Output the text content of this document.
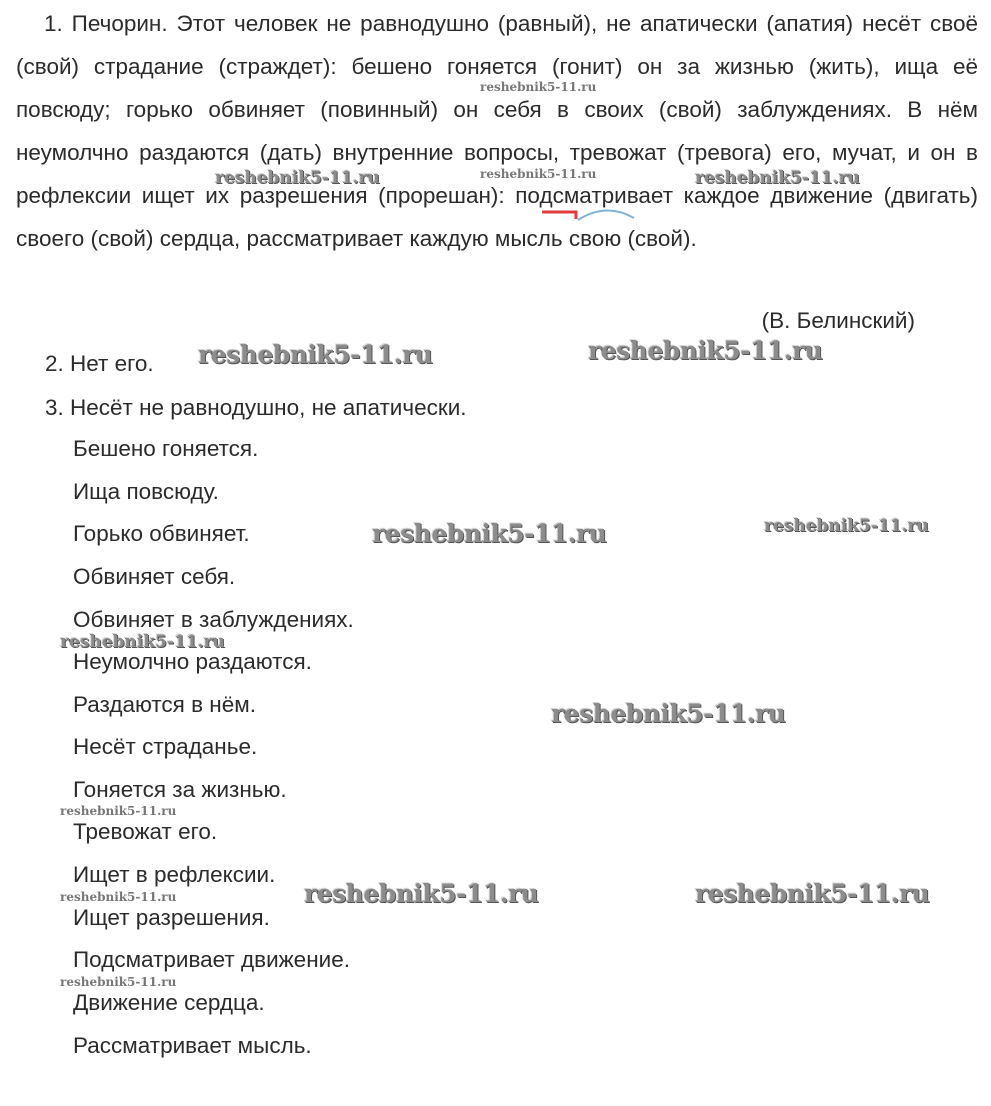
1. Печорин. Этот человек не равнодушно (равный), не апатически (апатия) несёт своё (свой) страдание (страждет): бешено гоняется (гонит) он за жизнью (жить), ища её повсюду; горько обвиняет (повинный) он себя в своих (свой) заблуждениях. В нём неумолчно раздаются (дать) внутренние вопросы, тревожат (тревога) его, мучат, и он в рефлексии ищет их разрешения (прорешан): подсматривает каждое движение (двигать) своего (свой) сердца, рассматривает каждую мысль свою (свой).

(В. Белинский)
2. Нет его.
3. Несёт не равнодушно, не апатически.
Бешено гоняется.
Ища повсюду.
Горько обвиняет.
Обвиняет себя.
Обвиняет в заблуждениях.
Неумолчно раздаются.
Раздаются в нём.
Несёт страданье.
Гоняется за жизнью.
Тревожат его.
Ищет в рефлексии.
Ищет разрешения.
Подсматривает движение.
Движение сердца.
Рассматривает мысль.
reshebnik5-11.ru
reshebnik5-11.ru	reshebnik5-11.ru	reshebnik5-11.ru
reshebnik5-11.ru	reshebnik5-11.ru
reshebnik5-11.ru	reshebnik5-11.ru
reshebnik5-11.ru
reshebnik5-11.ru
reshebnik5-11.ru
reshebnik5-11.ru	reshebnik5-11.ru	reshebnik5-11.ru
reshebnik5-11.ru
